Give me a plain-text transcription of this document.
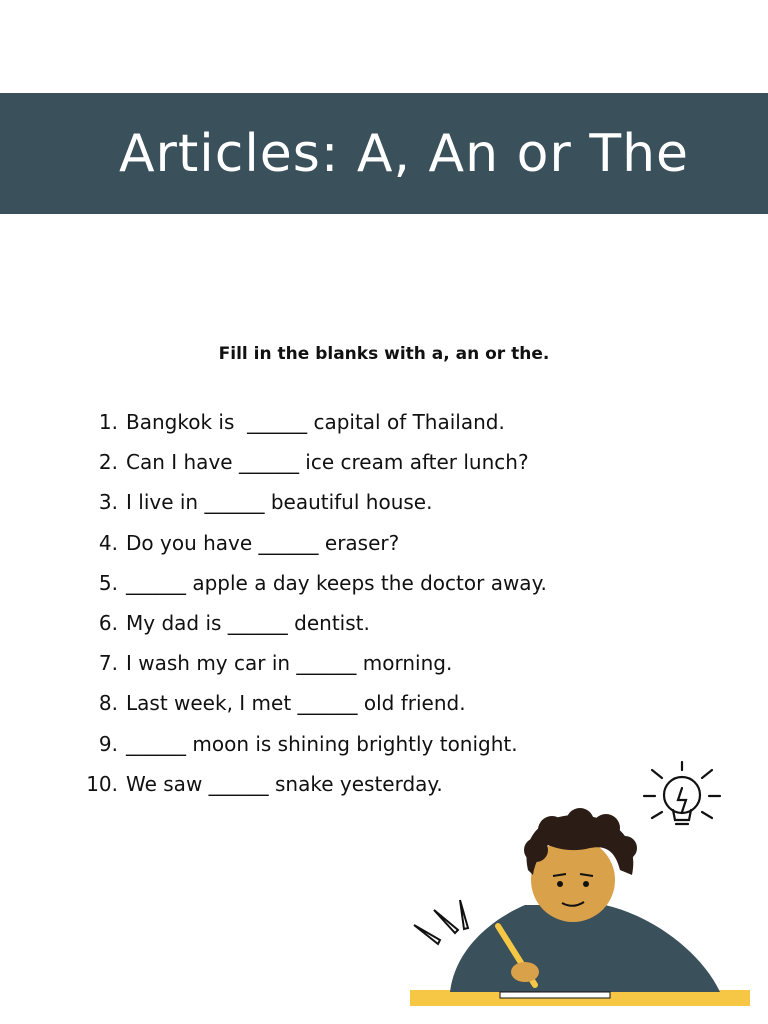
Articles: A, An or The
Fill in the blanks with a, an or the.
1. Bangkok is  ______ capital of Thailand.
2. Can I have ______ ice cream after lunch?
3. I live in ______ beautiful house.
4. Do you have ______ eraser?
5. ______ apple a day keeps the doctor away.
6. My dad is ______ dentist.
7. I wash my car in ______ morning.
8. Last week, I met ______ old friend.
9. ______ moon is shining brightly tonight.
10. We saw ______ snake yesterday.
